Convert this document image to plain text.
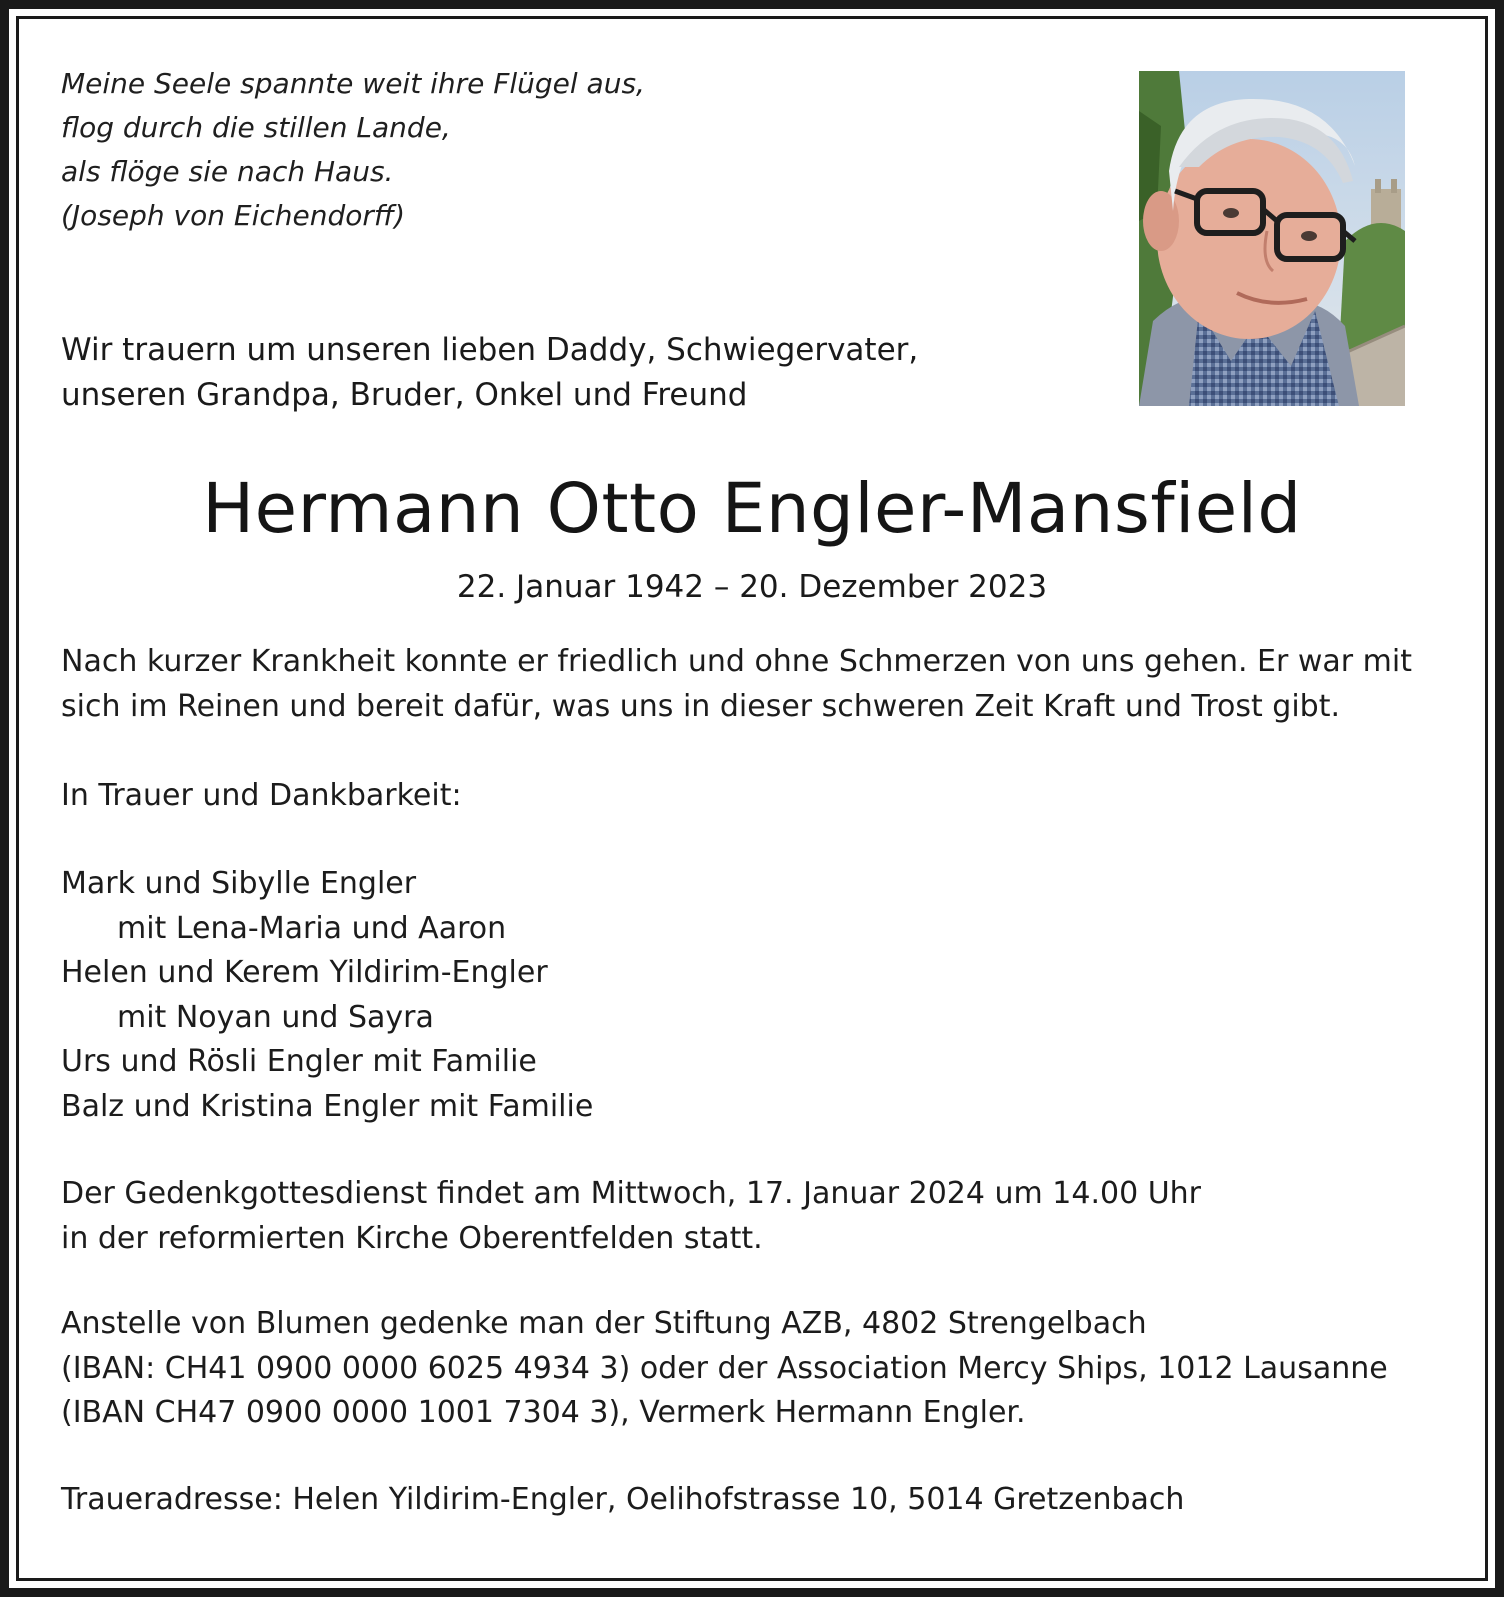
Meine Seele spannte weit ihre Flügel aus,
flog durch die stillen Lande,
als flöge sie nach Haus.
(Joseph von Eichendorff)
Wir trauern um unseren lieben Daddy, Schwiegervater,
unseren Grandpa, Bruder, Onkel und Freund
Hermann Otto Engler-Mansfield
22. Januar 1942 – 20. Dezember 2023
Nach kurzer Krankheit konnte er friedlich und ohne Schmerzen von uns gehen. Er war mit
sich im Reinen und bereit dafür, was uns in dieser schweren Zeit Kraft und Trost gibt.
In Trauer und Dankbarkeit:
Mark und Sibylle Engler
mit Lena-Maria und Aaron
Helen und Kerem Yildirim-Engler
mit Noyan und Sayra
Urs und Rösli Engler mit Familie
Balz und Kristina Engler mit Familie
Der Gedenkgottesdienst findet am Mittwoch, 17. Januar 2024 um 14.00 Uhr
in der reformierten Kirche Oberentfelden statt.
Anstelle von Blumen gedenke man der Stiftung AZB, 4802 Strengelbach
(IBAN: CH41 0900 0000 6025 4934 3) oder der Association Mercy Ships, 1012 Lausanne
(IBAN CH47 0900 0000 1001 7304 3), Vermerk Hermann Engler.
Traueradresse: Helen Yildirim-Engler, Oelihofstrasse 10, 5014 Gretzenbach
